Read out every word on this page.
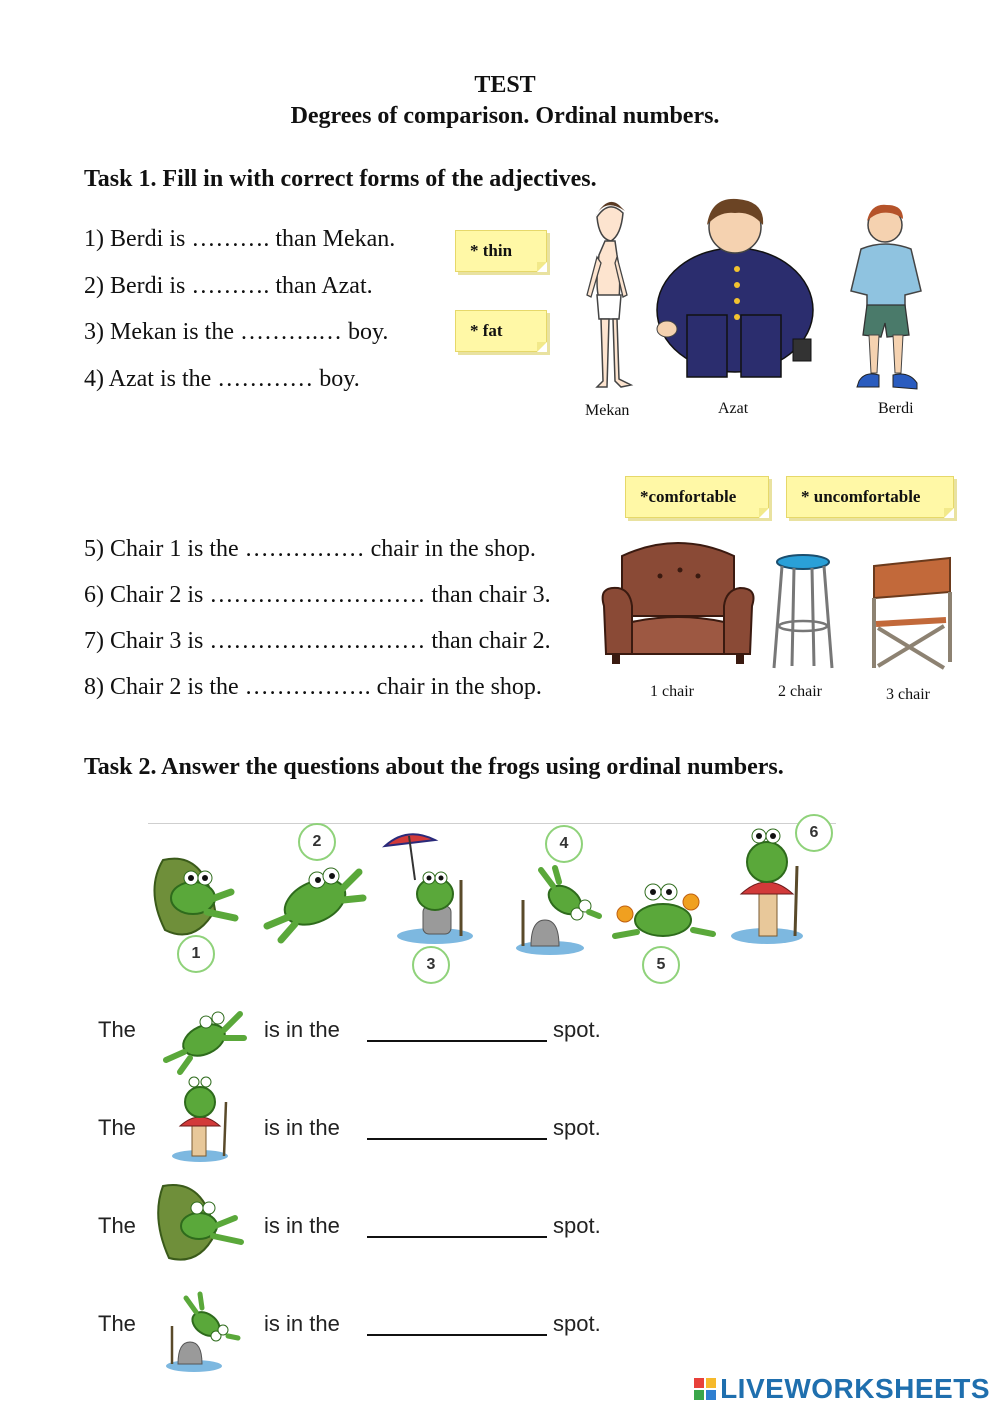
TEST
Degrees of comparison. Ordinal numbers.
Task 1. Fill in with correct forms of the adjectives.
1) Berdi is ………. than Mekan.
2) Berdi is ………. than Azat.
3) Mekan is the ……….… boy.
4) Azat is the ………… boy.
* thin
* fat
Mekan	Azat	Berdi
*comfortable	* uncomfortable
5) Chair 1 is the …………… chair in the shop.
6) Chair 2 is ……………………… than chair 3.
7) Chair 3 is ……………………… than chair 2.
8) Chair 2 is the ……………. chair in the shop.	1 chair	2 chair	3 chair
Task 2. Answer the questions about the frogs using ordinal numbers.
1
2
3
4
5
6
The	is in the	spot.
The	is in the	spot.
The	is in the	spot.
The	is in the	spot.
LIVEWORKSHEETS
